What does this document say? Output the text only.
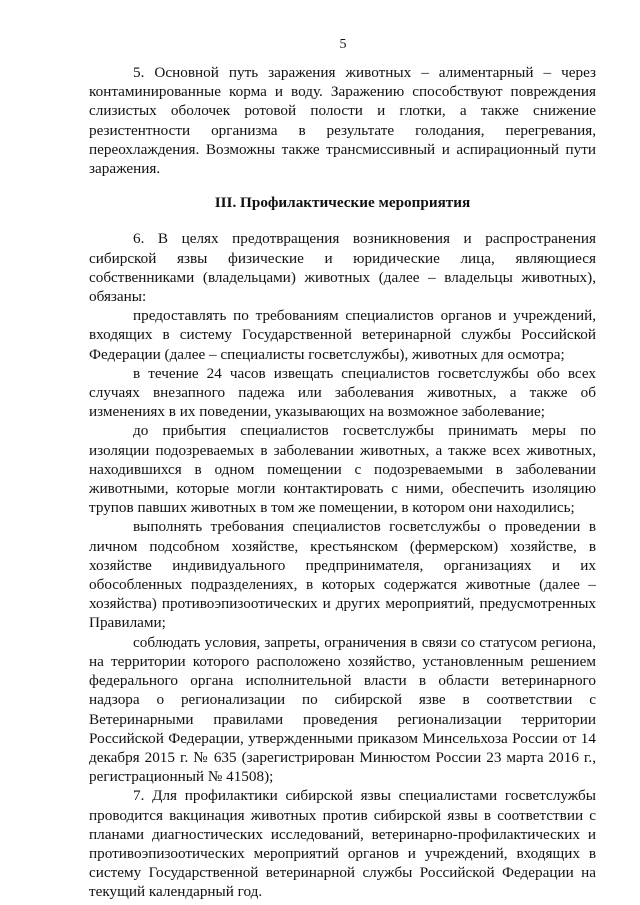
5

5. Основной путь заражения животных – алиментарный – через контаминированные корма и воду. Заражению способствуют повреждения слизистых оболочек ротовой полости и глотки, а также снижение резистентности организма в результате голодания, перегревания, переохлаждения. Возможны также трансмиссивный и аспирационный пути заражения.

III. Профилактические мероприятия

6. В целях предотвращения возникновения и распространения сибирской язвы физические и юридические лица, являющиеся собственниками (владельцами) животных (далее – владельцы животных), обязаны:

предоставлять по требованиям специалистов органов и учреждений, входящих в систему Государственной ветеринарной службы Российской Федерации (далее – специалисты госветслужбы), животных для осмотра;

в течение 24 часов извещать специалистов госветслужбы обо всех случаях внезапного падежа или заболевания животных, а также об изменениях в их поведении, указывающих на возможное заболевание;

до прибытия специалистов госветслужбы принимать меры по изоляции подозреваемых в заболевании животных, а также всех животных, находившихся в одном помещении с подозреваемыми в заболевании животными, которые могли контактировать с ними, обеспечить изоляцию трупов павших животных в том же помещении, в котором они находились;

выполнять требования специалистов госветслужбы о проведении в личном подсобном хозяйстве, крестьянском (фермерском) хозяйстве, в хозяйстве индивидуального предпринимателя, организациях и их обособленных подразделениях, в которых содержатся животные (далее – хозяйства) противоэпизоотических и других мероприятий, предусмотренных Правилами;

соблюдать условия, запреты, ограничения в связи со статусом региона, на территории которого расположено хозяйство, установленным решением федерального органа исполнительной власти в области ветеринарного надзора о регионализации по сибирской язве в соответствии с Ветеринарными правилами проведения регионализации территории Российской Федерации, утвержденными приказом Минсельхоза России от 14 декабря 2015 г. № 635 (зарегистрирован Минюстом России 23 марта 2016 г., регистрационный № 41508);

7. Для профилактики сибирской язвы специалистами госветслужбы проводится вакцинация животных против сибирской язвы в соответствии с планами диагностических исследований, ветеринарно-профилактических и противоэпизоотических мероприятий органов и учреждений, входящих в систему Государственной ветеринарной службы Российской Федерации на текущий календарный год.
